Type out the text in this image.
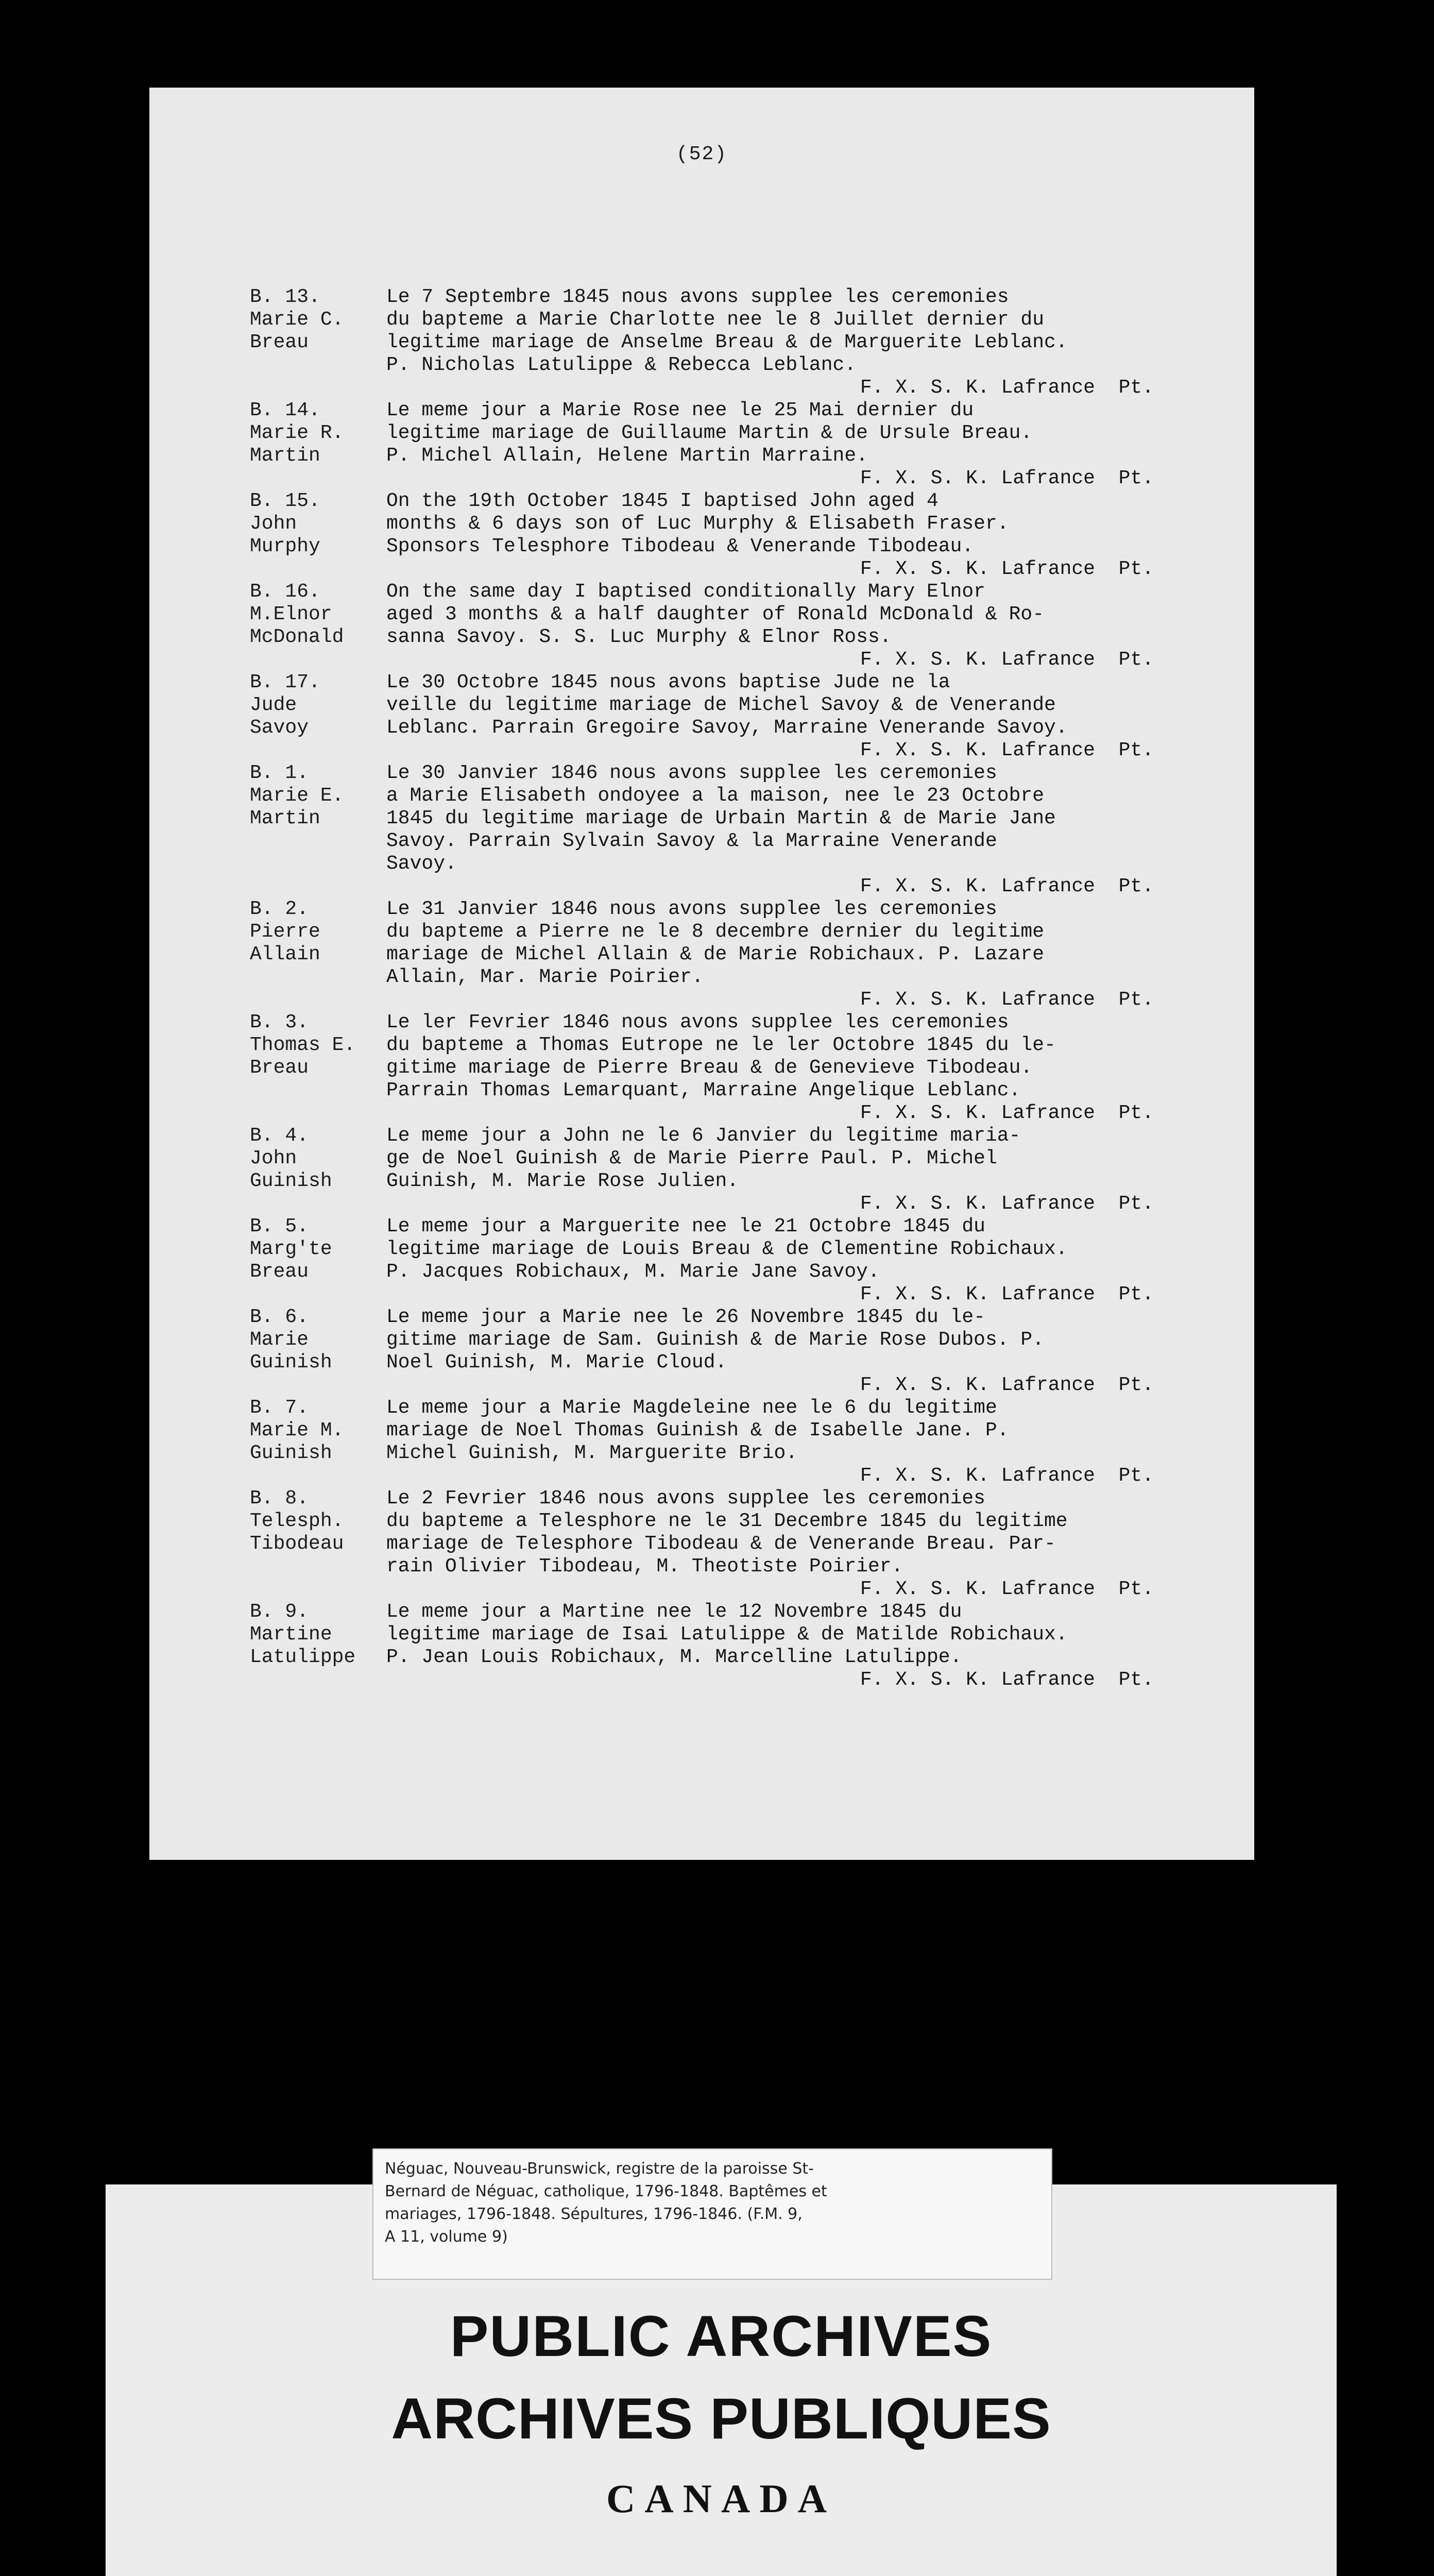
(52)
B. 13.
Marie C.
Breau
Le 7 Septembre 1845 nous avons supplee les ceremonies
du bapteme a Marie Charlotte nee le 8 Juillet dernier du
legitime mariage de Anselme Breau & de Marguerite Leblanc.
P. Nicholas Latulippe & Rebecca Leblanc.
F. X. S. K. Lafrance  Pt.
B. 14.
Marie R.
Martin
Le meme jour a Marie Rose nee le 25 Mai dernier du
legitime mariage de Guillaume Martin & de Ursule Breau.
P. Michel Allain, Helene Martin Marraine.
F. X. S. K. Lafrance  Pt.
B. 15.
John
Murphy
On the 19th October 1845 I baptised John aged 4
months & 6 days son of Luc Murphy & Elisabeth Fraser.
Sponsors Telesphore Tibodeau & Venerande Tibodeau.
F. X. S. K. Lafrance  Pt.
B. 16.
M.Elnor
McDonald
On the same day I baptised conditionally Mary Elnor
aged 3 months & a half daughter of Ronald McDonald & Ro-
sanna Savoy. S. S. Luc Murphy & Elnor Ross.
F. X. S. K. Lafrance  Pt.
B. 17.
Jude
Savoy
Le 30 Octobre 1845 nous avons baptise Jude ne la
veille du legitime mariage de Michel Savoy & de Venerande
Leblanc. Parrain Gregoire Savoy, Marraine Venerande Savoy.
F. X. S. K. Lafrance  Pt.
B. 1.
Marie E.
Martin
Le 30 Janvier 1846 nous avons supplee les ceremonies
a Marie Elisabeth ondoyee a la maison, nee le 23 Octobre
1845 du legitime mariage de Urbain Martin & de Marie Jane
Savoy. Parrain Sylvain Savoy & la Marraine Venerande
Savoy.
F. X. S. K. Lafrance  Pt.
B. 2.
Pierre
Allain
Le 31 Janvier 1846 nous avons supplee les ceremonies
du bapteme a Pierre ne le 8 decembre dernier du legitime
mariage de Michel Allain & de Marie Robichaux. P. Lazare
Allain, Mar. Marie Poirier.
F. X. S. K. Lafrance  Pt.
B. 3.
Thomas E.
Breau
Le ler Fevrier 1846 nous avons supplee les ceremonies
du bapteme a Thomas Eutrope ne le ler Octobre 1845 du le-
gitime mariage de Pierre Breau & de Genevieve Tibodeau.
Parrain Thomas Lemarquant, Marraine Angelique Leblanc.
F. X. S. K. Lafrance  Pt.
B. 4.
John
Guinish
Le meme jour a John ne le 6 Janvier du legitime maria-
ge de Noel Guinish & de Marie Pierre Paul. P. Michel
Guinish, M. Marie Rose Julien.
F. X. S. K. Lafrance  Pt.
B. 5.
Marg'te
Breau
Le meme jour a Marguerite nee le 21 Octobre 1845 du
legitime mariage de Louis Breau & de Clementine Robichaux.
P. Jacques Robichaux, M. Marie Jane Savoy.
F. X. S. K. Lafrance  Pt.
B. 6.
Marie
Guinish
Le meme jour a Marie nee le 26 Novembre 1845 du le-
gitime mariage de Sam. Guinish & de Marie Rose Dubos. P.
Noel Guinish, M. Marie Cloud.
F. X. S. K. Lafrance  Pt.
B. 7.
Marie M.
Guinish
Le meme jour a Marie Magdeleine nee le 6 du legitime
mariage de Noel Thomas Guinish & de Isabelle Jane. P.
Michel Guinish, M. Marguerite Brio.
F. X. S. K. Lafrance  Pt.
B. 8.
Telesph.
Tibodeau
Le 2 Fevrier 1846 nous avons supplee les ceremonies
du bapteme a Telesphore ne le 31 Decembre 1845 du legitime
mariage de Telesphore Tibodeau & de Venerande Breau. Par-
rain Olivier Tibodeau, M. Theotiste Poirier.
F. X. S. K. Lafrance  Pt.
B. 9.
Martine
Latulippe
Le meme jour a Martine nee le 12 Novembre 1845 du
legitime mariage de Isai Latulippe & de Matilde Robichaux.
P. Jean Louis Robichaux, M. Marcelline Latulippe.
F. X. S. K. Lafrance  Pt.
Néguac, Nouveau-Brunswick, registre de la paroisse St-
Bernard de Néguac, catholique, 1796-1848. Baptêmes et
mariages, 1796-1848. Sépultures, 1796-1846. (F.M. 9,
A 11, volume 9)
PUBLIC ARCHIVES
ARCHIVES PUBLIQUES
CANADA
